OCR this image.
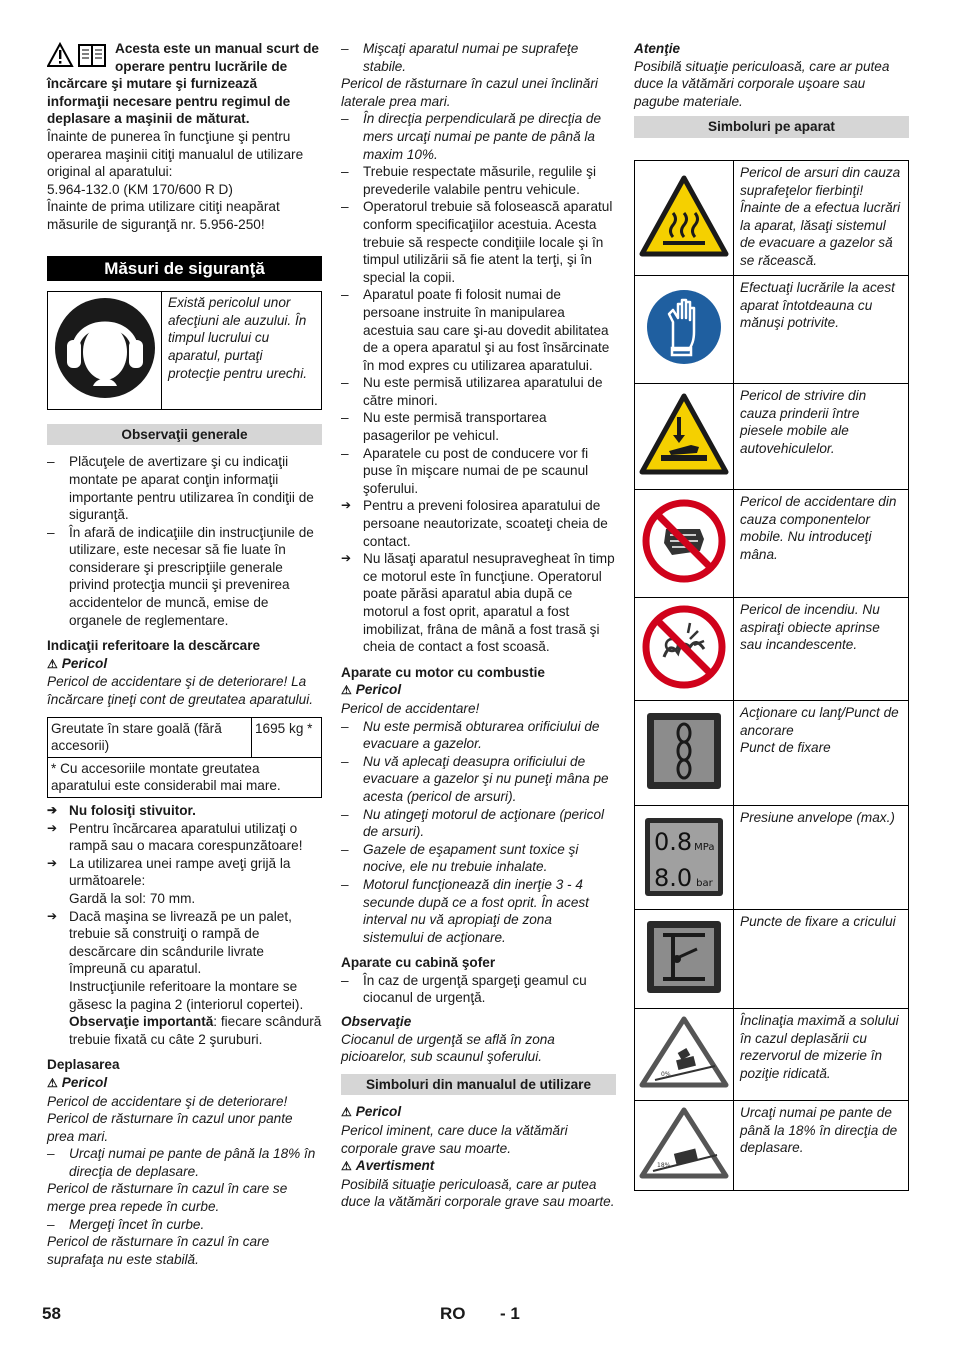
Acesta este un manual scurt de operare pentru lucrările de încărcare şi mutare şi furnizează informaţii necesare pentru regimul de deplasare a maşinii de măturat.

Înainte de punerea în funcţiune şi pentru operarea maşinii citiţi manualul de utilizare original al aparatului:

5.964-132.0 (KM 170/600 R D)

Înainte de prima utilizare citiţi neapărat măsurile de siguranţă nr. 5.956-250!

Măsuri de siguranţă
	Există pericolul unor afecţiuni ale auzului. În timpul lucrului cu aparatul, purtaţi protecţie pentru urechi.
Observaţii generale

– Plăcuţele de avertizare şi cu indicaţii montate pe aparat conţin informaţii importante pentru utilizarea în condiţii de siguranţă.

– În afară de indicaţiile din instrucţiunile de utilizare, este necesar să fie luate în considerare şi prescripţiile generale privind protecţia muncii şi prevenirea accidentelor de muncă, emise de organele de reglementare.

Indicaţii referitoare la descărcare

⚠ Pericol

Pericol de accidentare şi de deteriorare! La încărcare ţineţi cont de greutatea aparatului.

Greutate în stare goală (fără accesorii)	1695 kg *
* Cu accesoriile montate greutatea aparatului este considerabil mai mare.

➔ Nu folosiţi stivuitor.

➔ Pentru încărcarea aparatului utilizaţi o rampă sau o macara corespunzătoare!

➔ La utilizarea unei rampe aveţi grijă la următoarele:

Gardă la sol: 70 mm.

➔ Dacă maşina se livrează pe un palet, trebuie să construiţi o rampă de descărcare din scândurile livrate împreună cu aparatul.

Instrucţiunile referitoare la montare se găsesc la pagina 2 (interiorul copertei).

Observaţie importantă: fiecare scândură trebuie fixată cu câte 2 şuruburi.

Deplasarea

⚠ Pericol

Pericol de accidentare şi de deteriorare!

Pericol de răsturnare în cazul unor pante prea mari.

– Urcaţi numai pe pante de până la 18% în direcţia de deplasare.

Pericol de răsturnare în cazul în care se merge prea repede în curbe.

– Mergeţi încet în curbe.

Pericol de răsturnare în cazul în care suprafaţa nu este stabilă.

– Mişcaţi aparatul numai pe suprafeţe stabile.

Pericol de răsturnare în cazul unei înclinări laterale prea mari.

– În direcţia perpendiculară pe direcţia de mers urcaţi numai pe pante de până la maxim 10%.

– Trebuie respectate măsurile, regulile şi prevederile valabile pentru vehicule.

– Operatorul trebuie să folosească aparatul conform specificaţiilor acestuia. Acesta trebuie să respecte condiţiile locale şi în timpul utilizării să fie atent la terţi, şi în special la copii.

– Aparatul poate fi folosit numai de persoane instruite în manipularea acestuia sau care şi-au dovedit abilitatea de a opera aparatul şi au fost însărcinate în mod expres cu utilizarea aparatului.

– Nu este permisă utilizarea aparatului de către minori.

– Nu este permisă transportarea pasagerilor pe vehicul.

– Aparatele cu post de conducere vor fi puse în mişcare numai de pe scaunul şoferului.

➔ Pentru a preveni folosirea aparatului de persoane neautorizate, scoateţi cheia de contact.

➔ Nu lăsaţi aparatul nesupravegheat în timp ce motorul este în funcţiune. Operatorul poate părăsi aparatul abia după ce motorul a fost oprit, aparatul a fost imobilizat, frâna de mână a fost trasă şi cheia de contact a fost scoasă.

Aparate cu motor cu combustie

⚠ Pericol

Pericol de accidentare!

– Nu este permisă obturarea orificiului de evacuare a gazelor.

– Nu vă aplecaţi deasupra orificiului de evacuare a gazelor şi nu puneţi mâna pe acesta (pericol de arsuri).

– Nu atingeţi motorul de acţionare (pericol de arsuri).

– Gazele de eşapament sunt toxice şi nocive, ele nu trebuie inhalate.

– Motorul funcţionează din inerţie 3 - 4 secunde după ce a fost oprit. În acest interval nu vă apropiaţi de zona sistemului de acţionare.

Aparate cu cabină şofer

– În caz de urgenţă spargeţi geamul cu ciocanul de urgenţă.

Observaţie

Ciocanul de urgenţă se află în zona picioarelor, sub scaunul şoferului.

Simboluri din manualul de utilizare

⚠ Pericol

Pericol iminent, care duce la vătămări corporale grave sau moarte.

⚠ Avertisment

Posibilă situaţie periculoasă, care ar putea duce la vătămări corporale grave sau moarte.

Atenţie

Posibilă situaţie periculoasă, care ar putea duce la vătămări corporale uşoare sau pagube materiale.

Simboluri pe aparat
	Pericol de arsuri din cauza suprafeţelor fierbinţi! Înainte de a efectua lucrări la aparat, lăsaţi sistemul de evacuare a gazelor să se răcească.
	Efectuaţi lucrările la acest aparat întotdeauna cu mănuşi potrivite.
	Pericol de strivire din cauza prinderii între piesele mobile ale autovehiculelor.
	Pericol de accidentare din cauza componentelor mobile. Nu introduceţi mâna.
	Pericol de incendiu. Nu aspiraţi obiecte aprinse sau incandescente.
	Acţionare cu lanţ/Punct de ancorare
Punct de fixare

0.8 MPa
8.0 bar	Presiune anvelope (max.)
	Puncte de fixare a cricului

0%	Înclinaţia maximă a solului în cazul deplasării cu rezervorul de mizerie în poziţie ridicată.

18%	Urcaţi numai pe pante de până la 18% în direcţia de deplasare.
58	RO - 1
